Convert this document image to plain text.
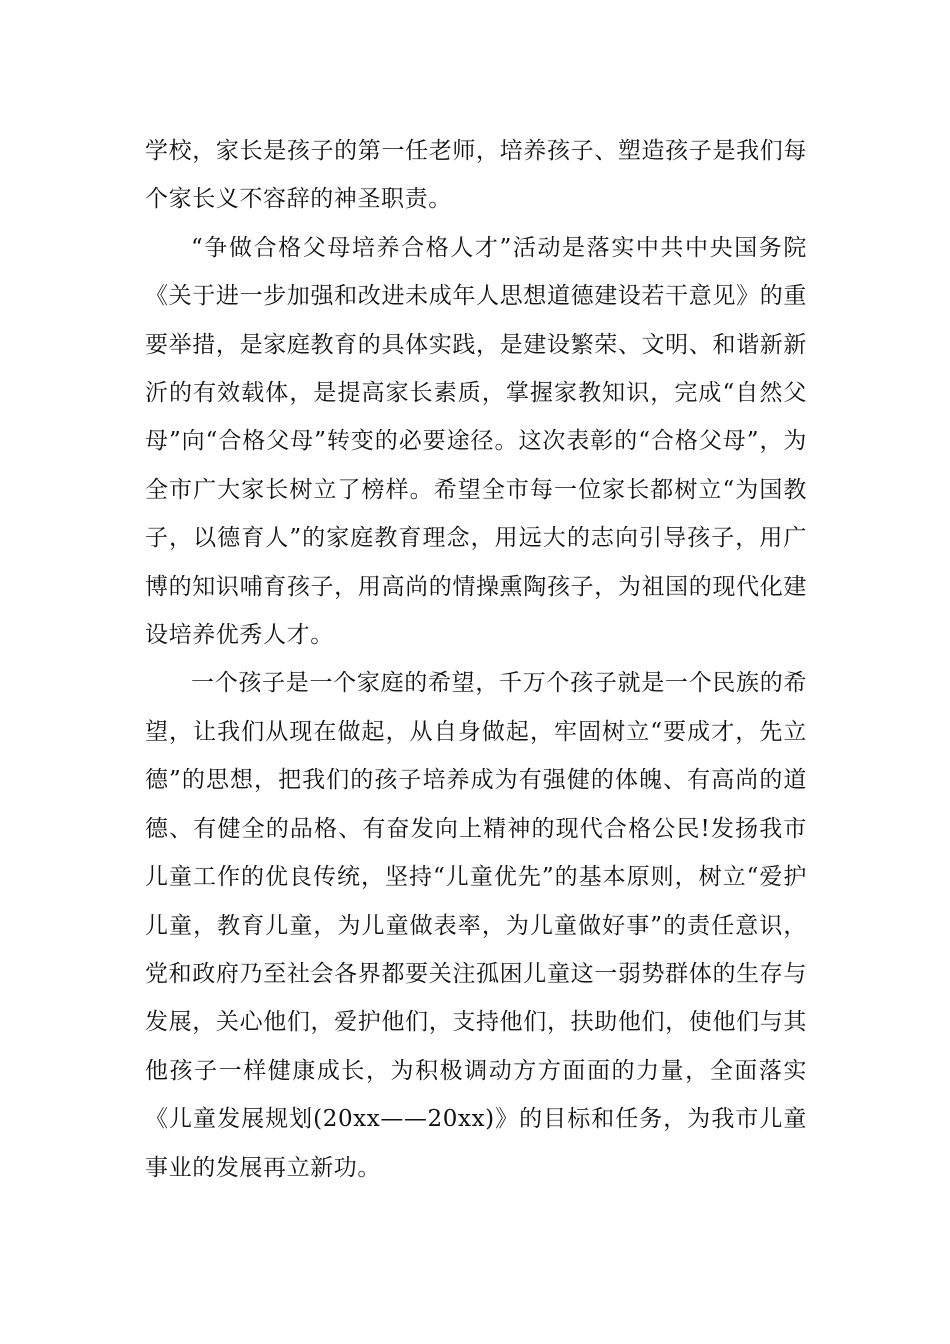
学校，家长是孩子的第一任老师，培养孩子、塑造孩子是我们每个家长义不容辞的神圣职责。

“争做合格父母培养合格人才”活动是落实中共中央国务院《关于进一步加强和改进未成年人思想道德建设若干意见》的重要举措，是家庭教育的具体实践，是建设繁荣、文明、和谐新新沂的有效载体，是提高家长素质，掌握家教知识，完成“自然父母”向“合格父母”转变的必要途径。这次表彰的“合格父母”，为全市广大家长树立了榜样。希望全市每一位家长都树立“为国教子，以德育人”的家庭教育理念，用远大的志向引导孩子，用广博的知识哺育孩子，用高尚的情操熏陶孩子，为祖国的现代化建设培养优秀人才。

一个孩子是一个家庭的希望，千万个孩子就是一个民族的希望，让我们从现在做起，从自身做起，牢固树立“要成才，先立德”的思想，把我们的孩子培养成为有强健的体魄、有高尚的道德、有健全的品格、有奋发向上精神的现代合格公民!发扬我市儿童工作的优良传统，坚持“儿童优先”的基本原则，树立“爱护儿童，教育儿童，为儿童做表率，为儿童做好事”的责任意识，党和政府乃至社会各界都要关注孤困儿童这一弱势群体的生存与发展，关心他们，爱护他们，支持他们，扶助他们，使他们与其他孩子一样健康成长，为积极调动方方面面的力量，全面落实《儿童发展规划(20xx——20xx)》的目标和任务，为我市儿童事业的发展再立新功。
